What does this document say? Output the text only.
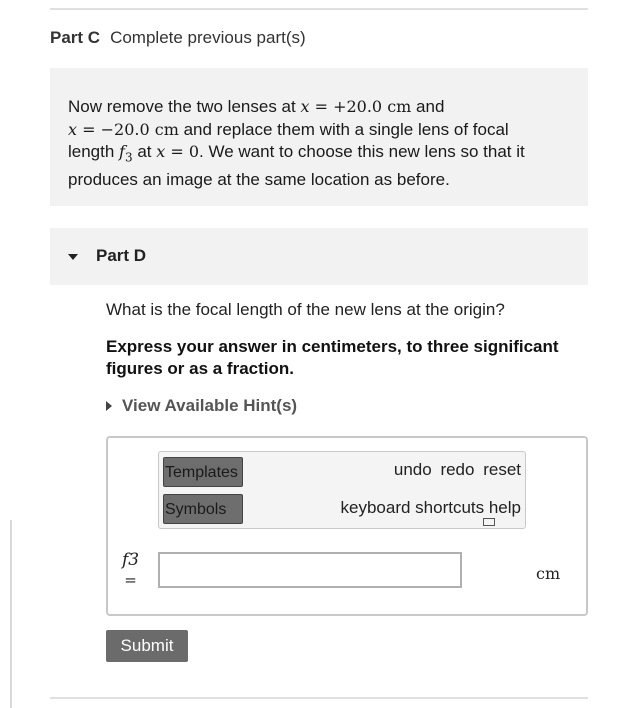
Part C Complete previous part(s)
Now remove the two lenses at x = +20.0 cm and
x = −20.0 cm and replace them with a single lens of focal
length $f_3$ at x = 0. We want to choose this new lens so that it
produces an image at the same location as before.
Part D
What is the focal length of the new lens at the origin?
Express your answer in centimeters, to three significant figures or as a fraction.
View Available Hint(s)
Templates
Symbols
undo redo reset
keyboard shortcuts help
f3
=	cm
Submit
